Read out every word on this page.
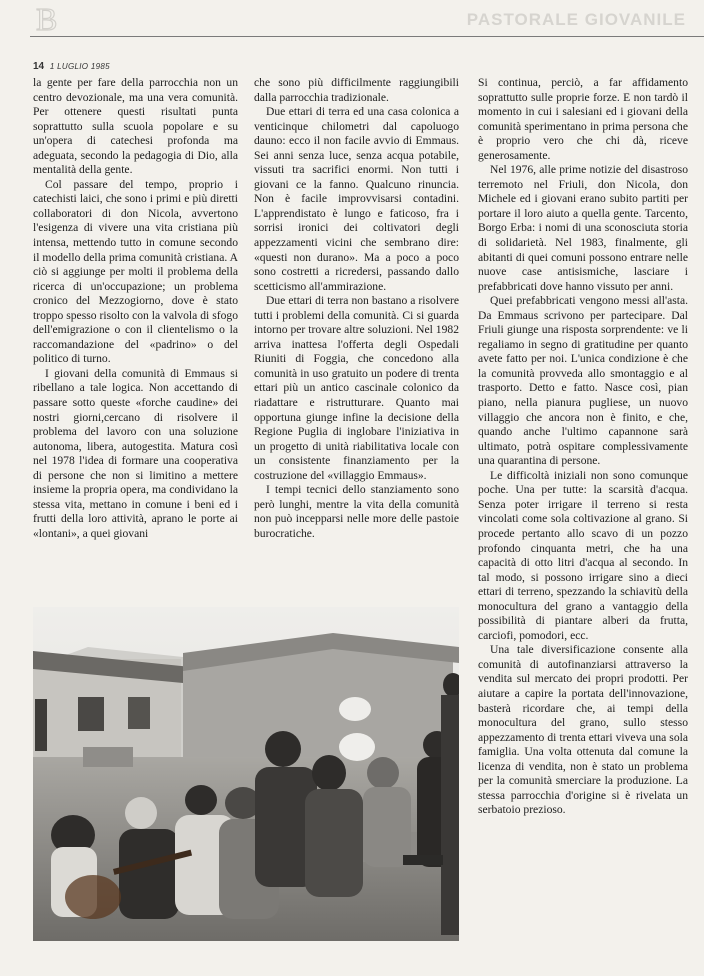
B	PASTORALE GIOVANILE
14 1 LUGLIO 1985

la gente per fare della parrocchia non un centro devozionale, ma una vera comunità. Per ottenere questi risultati punta soprattutto sulla scuola popolare e su un'opera di catechesi profonda ma adeguata, secondo la pedagogia di Dio, alla mentalità della gente.

Col passare del tempo, proprio i catechisti laici, che sono i primi e più diretti collaboratori di don Nicola, avvertono l'esigenza di vivere una vita cristiana più intensa, mettendo tutto in comune secondo il modello della prima comunità cristiana. A ciò si aggiunge per molti il problema della ricerca di un'occupazione; un problema cronico del Mezzogiorno, dove è stato troppo spesso risolto con la valvola di sfogo dell'emigrazione o con il clientelismo o la raccomandazione del «padrino» o del politico di turno.

I giovani della comunità di Emmaus si ribellano a tale logica. Non accettando di passare sotto queste «forche caudine» dei nostri giorni,cercano di risolvere il problema del lavoro con una soluzione autonoma, libera, autogestita. Matura così nel 1978 l'idea di formare una cooperativa di persone che non si limitino a mettere insieme la propria opera, ma condividano la stessa vita, mettano in comune i beni ed i frutti della loro attività, aprano le porte ai «lontani», a quei giovani

che sono più difficilmente raggiungibili dalla parrocchia tradizionale.

Due ettari di terra ed una casa colonica a venticinque chilometri dal capoluogo dauno: ecco il non facile avvio di Emmaus. Sei anni senza luce, senza acqua potabile, vissuti tra sacrifici enormi. Non tutti i giovani ce la fanno. Qualcuno rinuncia. Non è facile improvvisarsi contadini. L'apprendistato è lungo e faticoso, fra i sorrisi ironici dei coltivatori degli appezzamenti vicini che sembrano dire: «questi non durano». Ma a poco a poco sono costretti a ricredersi, passando dallo scetticismo all'ammirazione.

Due ettari di terra non bastano a risolvere tutti i problemi della comunità. Ci si guarda intorno per trovare altre soluzioni. Nel 1982 arriva inattesa l'offerta degli Ospedali Riuniti di Foggia, che concedono alla comunità in uso gratuito un podere di trenta ettari più un antico cascinale colonico da riadattare e ristrutturare. Quanto mai opportuna giunge infine la decisione della Regione Puglia di inglobare l'iniziativa in un progetto di unità riabilitativa locale con un consistente finanziamento per la costruzione del «villaggio Emmaus».

I tempi tecnici dello stanziamento sono però lunghi, mentre la vita della comunità non può incepparsi nelle more delle pastoie burocratiche.

Si continua, perciò, a far affidamento soprattutto sulle proprie forze. E non tardò il momento in cui i salesiani ed i giovani della comunità sperimentano in prima persona che è proprio vero che chi dà, riceve generosamente.

Nel 1976, alle prime notizie del disastroso terremoto nel Friuli, don Nicola, don Michele ed i giovani erano subito partiti per portare il loro aiuto a quella gente. Tarcento, Borgo Erba: i nomi di una sconosciuta storia di solidarietà. Nel 1983, finalmente, gli abitanti di quei comuni possono entrare nelle nuove case antisismiche, lasciare i prefabbricati dove hanno vissuto per anni.

Quei prefabbricati vengono messi all'asta. Da Emmaus scrivono per partecipare. Dal Friuli giunge una risposta sorprendente: ve li regaliamo in segno di gratitudine per quanto avete fatto per noi. L'unica condizione è che la comunità provveda allo smontaggio e al trasporto. Detto e fatto. Nasce così, pian piano, nella pianura pugliese, un nuovo villaggio che ancora non è finito, e che, quando anche l'ultimo capannone sarà ultimato, potrà ospitare complessivamente una quarantina di persone.

Le difficoltà iniziali non sono comunque poche. Una per tutte: la scarsità d'acqua. Senza poter irrigare il terreno si resta vincolati come sola coltivazione al grano. Si procede pertanto allo scavo di un pozzo profondo cinquanta metri, che ha una capacità di otto litri d'acqua al secondo. In tal modo, si possono irrigare sino a dieci ettari di terreno, spezzando la schiavitù della monocultura del grano a vantaggio della possibilità di piantare alberi da frutta, carciofi, pomodori, ecc.

Una tale diversificazione consente alla comunità di autofinanziarsi attraverso la vendita sul mercato dei propri prodotti. Per aiutare a capire la portata dell'innovazione, basterà ricordare che, ai tempi della monocultura del grano, sullo stesso appezzamento di trenta ettari viveva una sola famiglia. Una volta ottenuta dal comune la licenza di vendita, non è stato un problema per la comunità smerciare la produzione. La stessa parrocchia d'origine si è rivelata un serbatoio prezioso.
